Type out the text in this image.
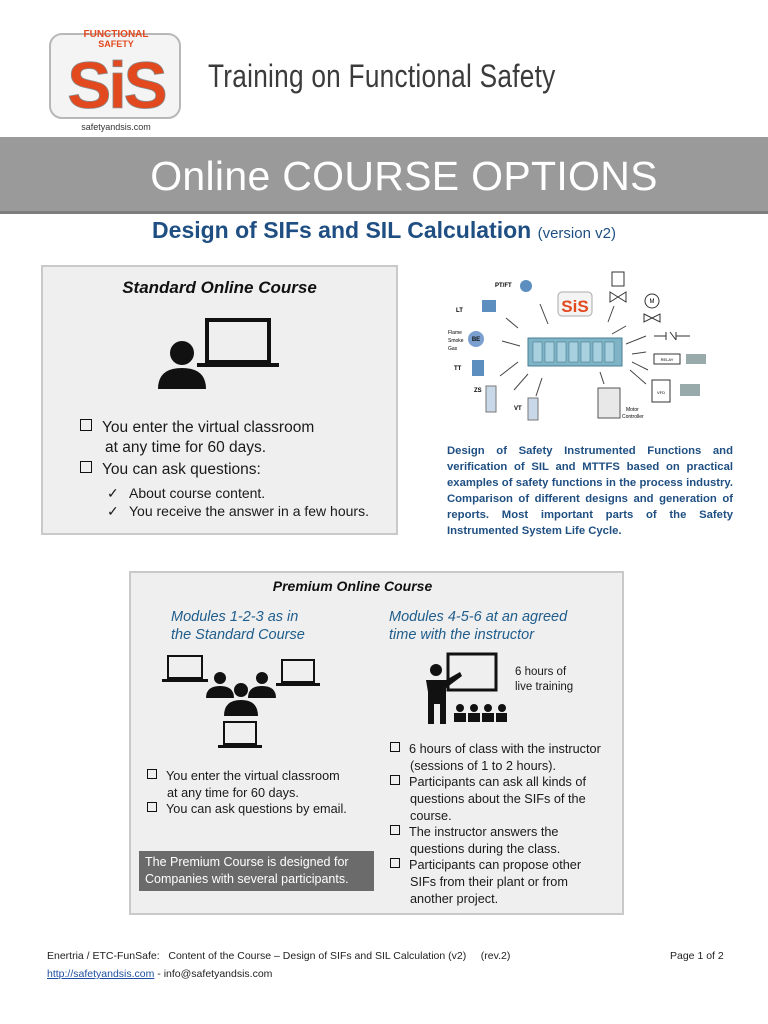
FUNCTIONAL
SAFETY
SiS
safetyandsis.com
Training on Functional Safety
Online COURSE OPTIONS
Design of SIFs and SIL Calculation (version v2)
Standard Online Course
You enter the virtual classroom
at any time for 60 days.
You can ask questions:
✓ About course content.
✓ You receive the answer in a few hours.
SiS
PT/FT
LT
Flame
Smoke
Gas
BE
TT
ZS
VT
M
RELAY
VFD
Motor
Controller
Design of Safety Instrumented Functions and verification of SIL and MTTFS based on practical examples of safety functions in the process industry. Comparison of different designs and generation of reports. Most important parts of the Safety Instrumented System Life Cycle.
Premium Online Course
Modules 1-2-3 as in
the Standard Course
Modules 4-5-6 at an agreed
time with the instructor
6 hours of
live training
You enter the virtual classroom
at any time for 60 days.
You can ask questions by email.
6 hours of class with the instructor
(sessions of 1 to 2 hours).
Participants can ask all kinds of
questions about the SIFs of the
course.
The instructor answers the
questions during the class.
Participants can propose other
SIFs from their plant or from
another project.
The Premium Course is designed for Companies with several participants.
Enertria / ETC-FunSafe:   Content of the Course – Design of SIFs and SIL Calculation (v2)     (rev.2)	Page 1 of 2
http://safetyandsis.com - info@safetyandsis.com
